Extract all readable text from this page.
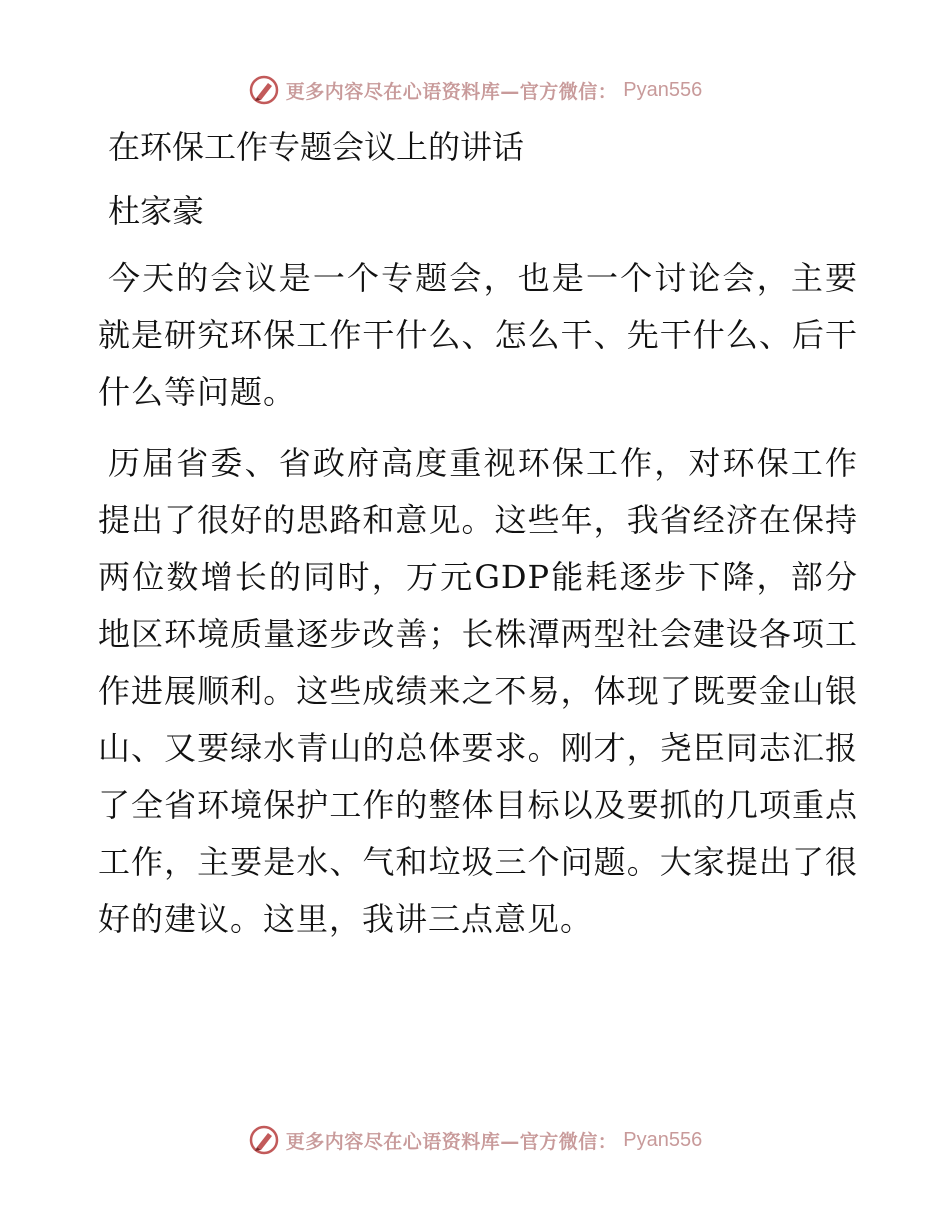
更多内容尽在心语资料库—官方微信： Pyan556
在环保工作专题会议上的讲话
杜家豪

今天的会议是一个专题会，也是一个讨论会，主要就是研究环保工作干什么、怎么干、先干什么、后干什么等问题。

历届省委、省政府高度重视环保工作，对环保工作提出了很好的思路和意见。这些年，我省经济在保持两位数增长的同时，万元GDP能耗逐步下降，部分地区环境质量逐步改善；长株潭两型社会建设各项工作进展顺利。这些成绩来之不易，体现了既要金山银山、又要绿水青山的总体要求。刚才，尧臣同志汇报了全省环境保护工作的整体目标以及要抓的几项重点工作，主要是水、气和垃圾三个问题。大家提出了很好的建议。这里，我讲三点意见。

更多内容尽在心语资料库—官方微信： Pyan556
